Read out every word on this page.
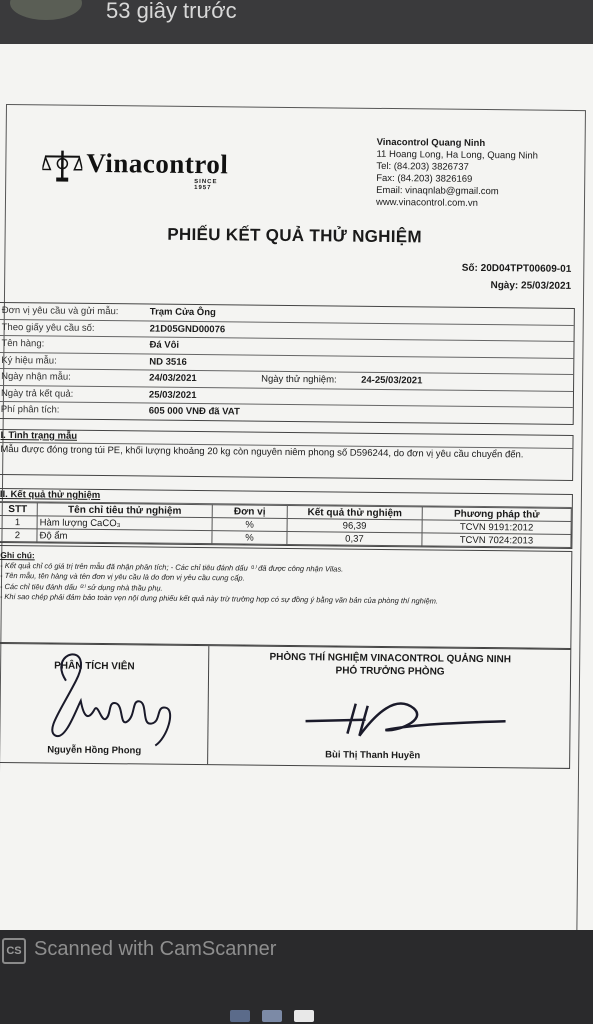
53 giây trước
Vinacontrol
SINCE 1957
Vinacontrol Quang Ninh
11 Hoang Long, Ha Long, Quang Ninh
Tel: (84.203) 3826737
Fax: (84.203) 3826169
Email: vinaqnlab@gmail.com
www.vinacontrol.com.vn
PHIẾU KẾT QUẢ THỬ NGHIỆM
Số: 20D04TPT00609-01
Ngày: 25/03/2021
Đơn vị yêu cầu và gửi mẫu:	Trạm Cửa Ông
Theo giấy yêu cầu số:	21D05GND00076
Tên hàng:	Đá Vôi
Ký hiệu mẫu:	ND 3516
Ngày nhận mẫu:	24/03/2021	Ngày thử nghiệm:	24-25/03/2021
Ngày trả kết quả:	25/03/2021
Phí phân tích:	605 000 VNĐ đã VAT
I. Tình trạng mẫu
Mẫu được đóng trong túi PE, khối lượng khoảng 20 kg còn nguyên niêm phong số D596244, do đơn vị yêu cầu chuyển đến.
II. Kết quả thử nghiệm
STT	Tên chỉ tiêu thử nghiệm	Đơn vị	Kết quả thử nghiệm	Phương pháp thử
1	Hàm lượng CaCO₃	%	96,39	TCVN 9191:2012
2	Độ ẩm	%	0,37	TCVN 7024:2013
Ghi chú:
- Kết quả chỉ có giá trị trên mẫu đã nhận phân tích; - Các chỉ tiêu đánh dấu ⁽¹⁾ đã được công nhận Vilas.
- Tên mẫu, tên hàng và tên đơn vị yêu cầu là do đơn vị yêu cầu cung cấp.
- Các chỉ tiêu đánh dấu ⁽²⁾ sử dụng nhà thầu phụ.
- Khi sao chép phải đảm bảo toàn vẹn nội dung phiếu kết quả này trừ trường hợp có sự đồng ý bằng văn bản của phòng thí nghiệm.
PHÂN TÍCH VIÊN
Nguyễn Hồng Phong
PHÒNG THÍ NGHIỆM VINACONTROL QUẢNG NINH
PHÓ TRƯỞNG PHÒNG
Bùi Thị Thanh Huyền
CS Scanned with CamScanner
